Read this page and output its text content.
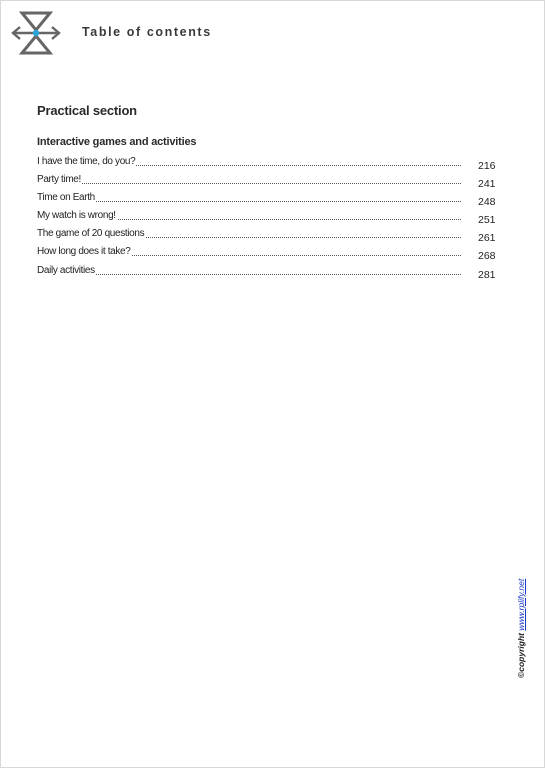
Table of contents
Practical section
Interactive games and activities
I have the time, do you?	216
Party time!	241
Time on Earth	248
My watch is wrong!	251
The game of 20 questions	261
How long does it take?	268
Daily activities	281
©copyright www.rplify.net
